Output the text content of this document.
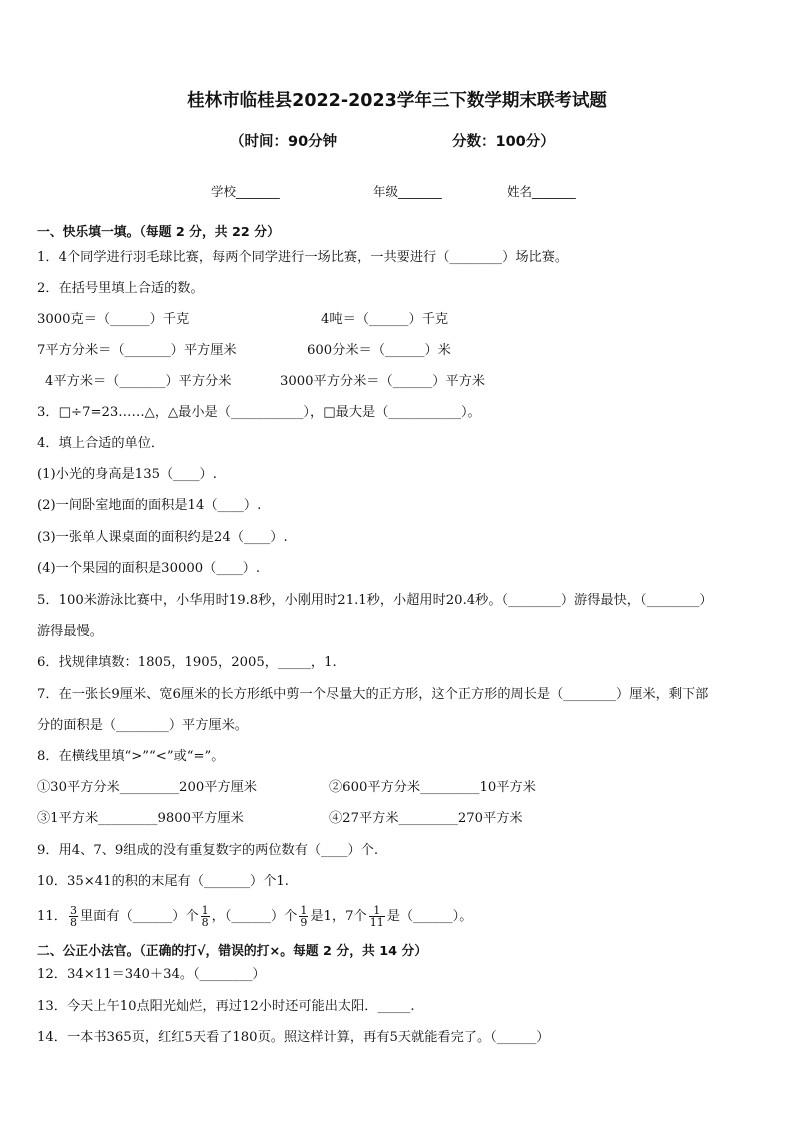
桂林市临桂县2022-2023学年三下数学期末联考试题
（时间：90分钟	分数：100分）
学校_______	年级_______	姓名_______
一、快乐填一填。（每题 2 分，共 22 分）
1．4个同学进行羽毛球比赛，每两个同学进行一场比赛，一共要进行（________）场比赛。
2．在括号里填上合适的数。
3000克＝（______）千克	4吨＝（______）千克
7平方分米＝（_______）平方厘米	600分米＝（______）米
4平方米＝（_______）平方分米	3000平方分米＝（______）平方米
3．□÷7=23……△，△最小是（___________），□最大是（___________）。
4．填上合适的单位．
(1)小光的身高是135（____）.
(2)一间卧室地面的面积是14（____）.
(3)一张单人课桌面的面积约是24（____）.
(4)一个果园的面积是30000（____）.
5．100米游泳比赛中，小华用时19.8秒，小刚用时21.1秒，小超用时20.4秒。（________）游得最快，（________）
游得最慢。
6．找规律填数：1805，1905，2005，_____，1.
7．在一张长9厘米、宽6厘米的长方形纸中剪一个尽量大的正方形，这个正方形的周长是（________）厘米，剩下部
分的面积是（________）平方厘米。
8．在横线里填“>”“<”或“=”。
①30平方分米_________200平方厘米	②600平方分米_________10平方米
③1平方米_________9800平方厘米	④27平方米_________270平方米
9．用4、7、9组成的没有重复数字的两位数有（____）个.
10．35×41的积的末尾有（_______）个1.
11． $\frac{3}{8}$ 里面有（______）个 $\frac{1}{8}$ ，（______）个 $\frac{1}{9}$ 是1，7个 $\frac{1}{11}$ 是（______）。
二、公正小法官。（正确的打√，错误的打×。每题 2 分，共 14 分）
12．34×11＝340＋34。（________）
13．今天上午10点阳光灿烂，再过12小时还可能出太阳．_____.
14．一本书365页，红红5天看了180页。照这样计算，再有5天就能看完了。（______）
